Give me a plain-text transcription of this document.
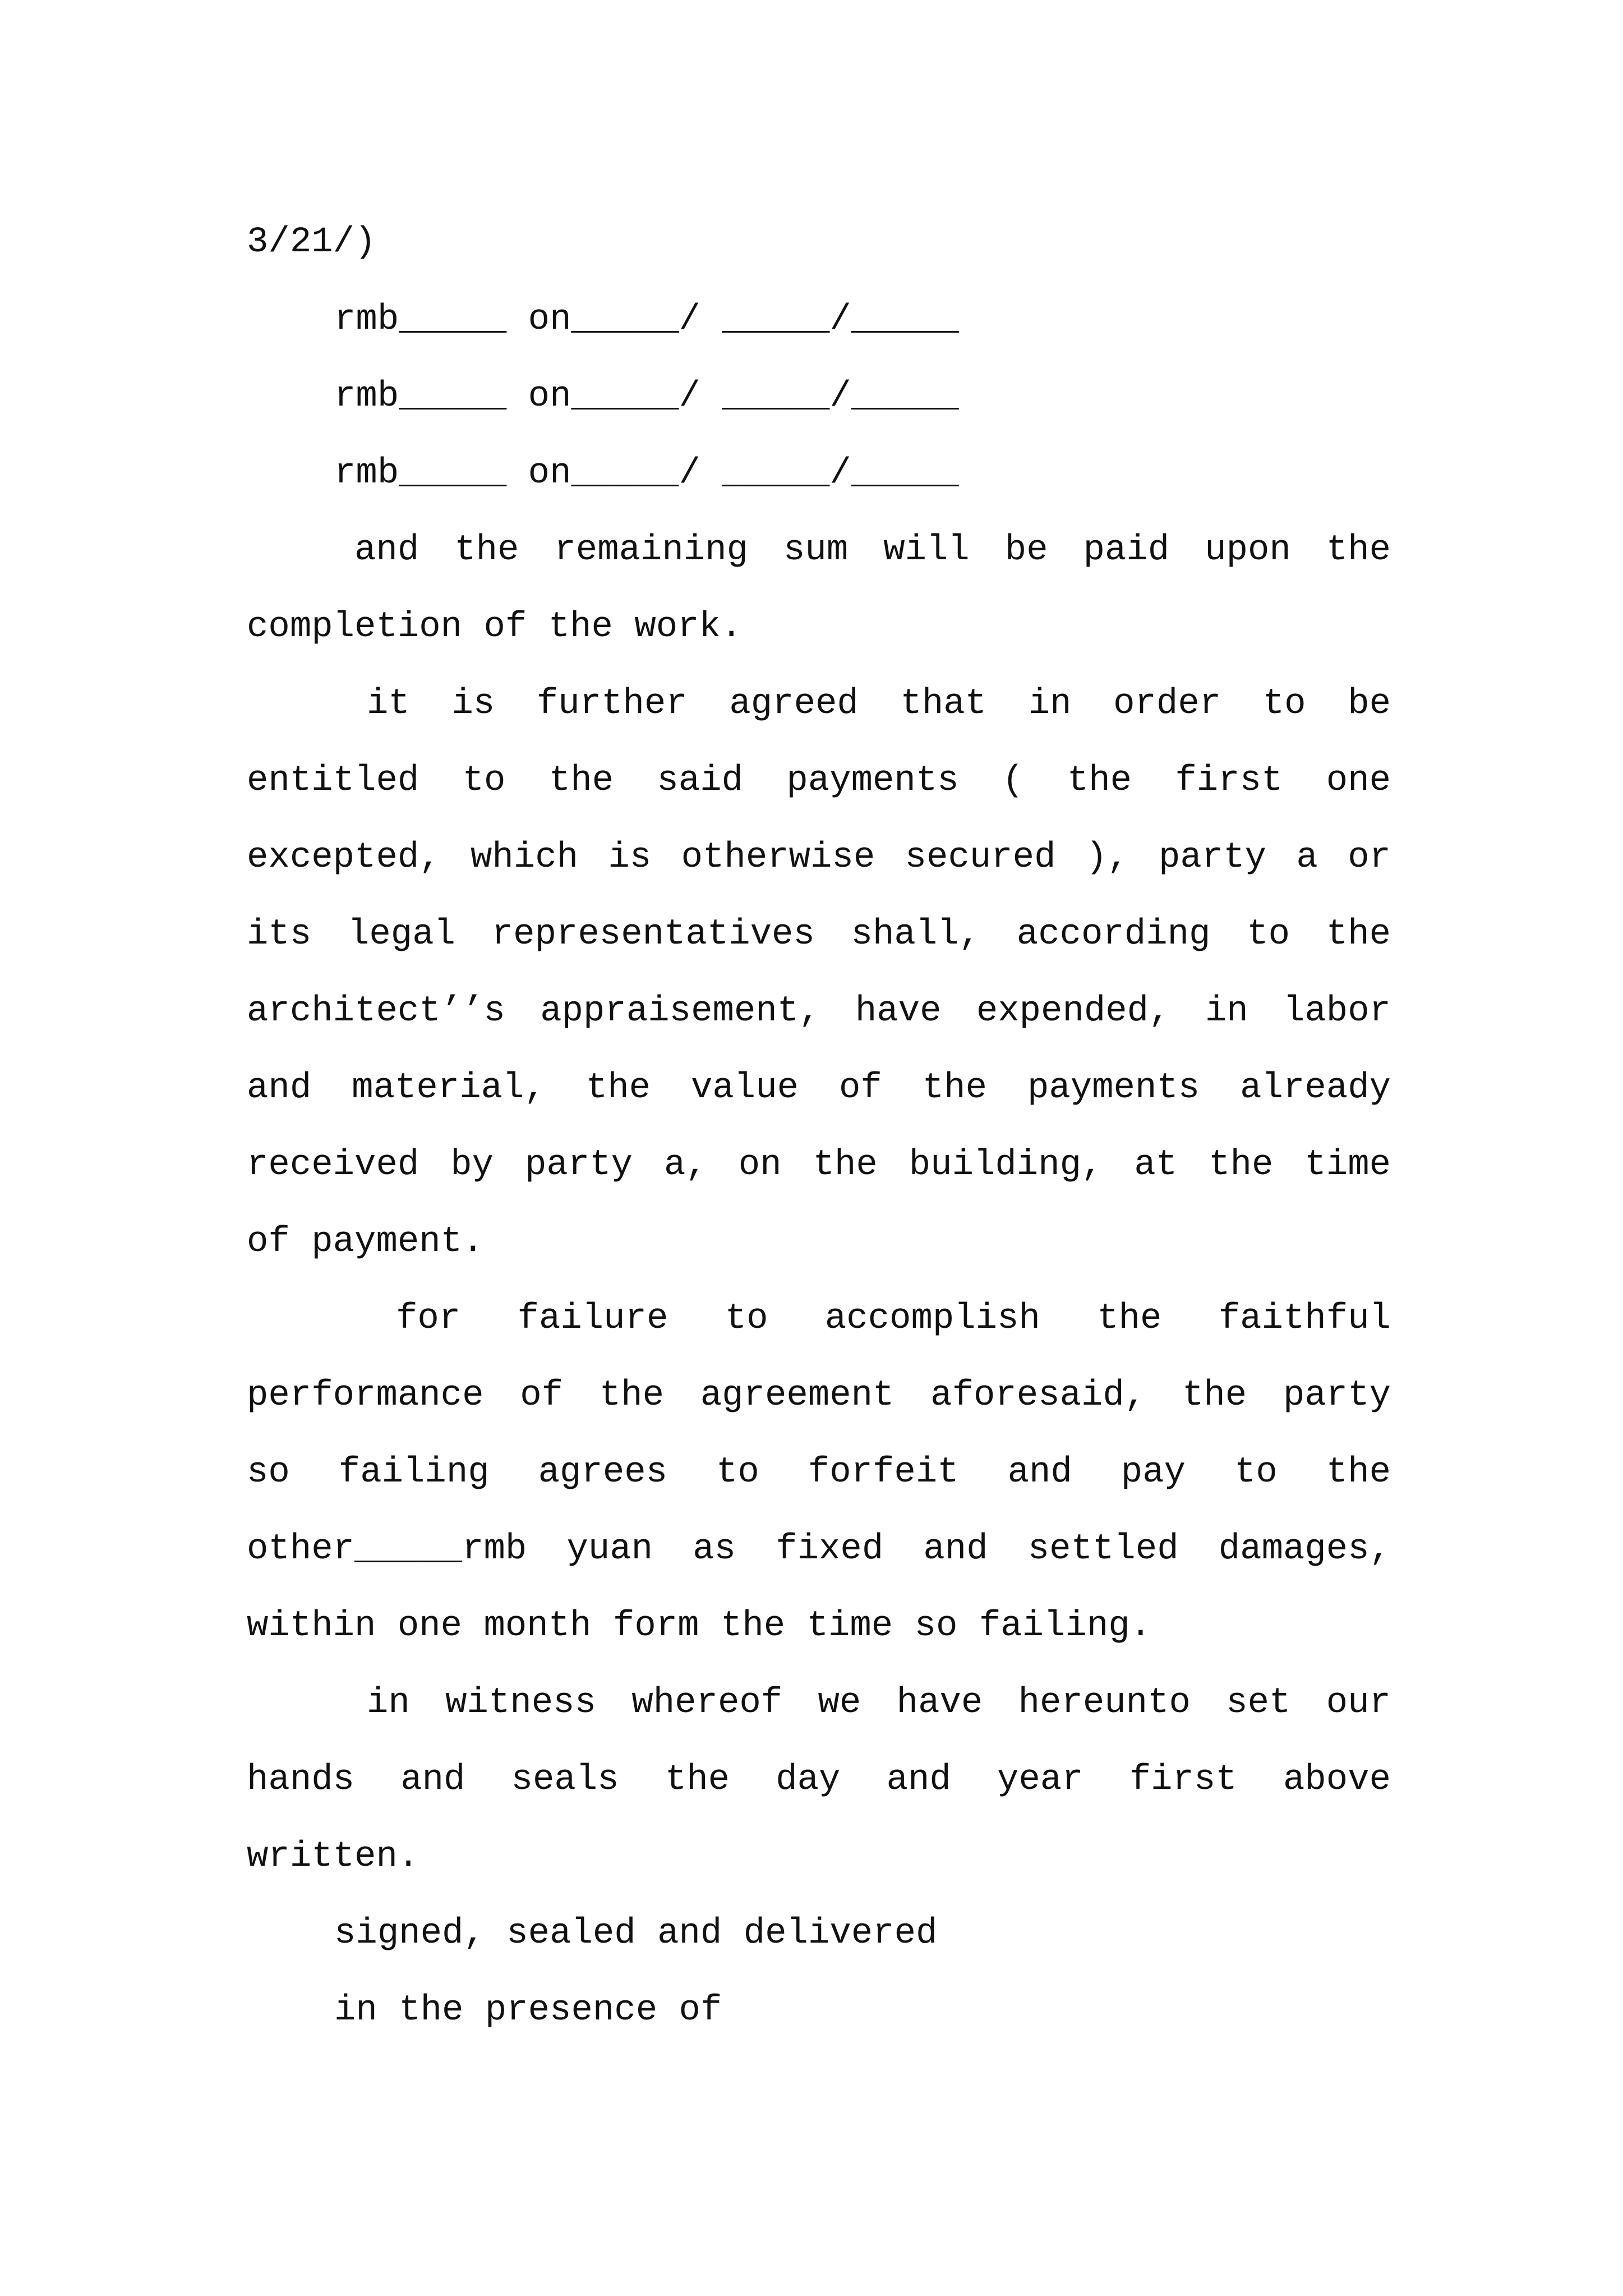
3/21/)
rmb_____ on_____/ _____/_____
rmb_____ on_____/ _____/_____
rmb_____ on_____/ _____/_____
and the remaining sum will be paid upon the
completion of the work.
it is further agreed that in order to be
entitled to the said payments ( the first one
excepted, which is otherwise secured ), party a or
its legal representatives shall, according to the
architect’’s appraisement, have expended, in labor
and material, the value of the payments already
received by party a, on the building, at the time
of payment.
for failure to accomplish the faithful
performance of the agreement aforesaid, the party
so failing agrees to forfeit and pay to the
other_____rmb yuan as fixed and settled damages,
within one month form the time so failing.
in witness whereof we have hereunto set our
hands and seals the day and year first above
written.
signed, sealed and delivered
in the presence of
